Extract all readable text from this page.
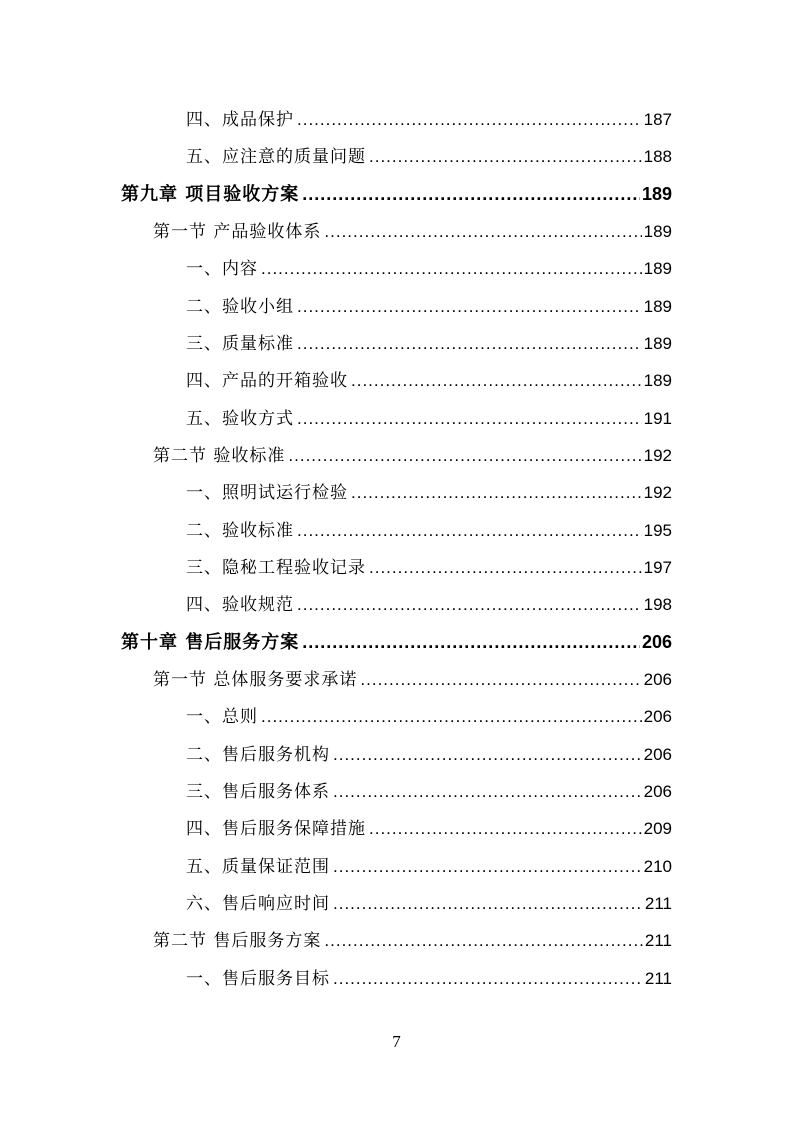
四、成品保护 .....	187
五、应注意的质量问题 .....	188
第九章 项目验收方案 .....	189
第一节 产品验收体系 .....	189
一、内容 .....	189
二、验收小组 .....	189
三、质量标准 .....	189
四、产品的开箱验收 .....	189
五、验收方式 .....	191
第二节 验收标准 .....	192
一、照明试运行检验 .....	192
二、验收标准 .....	195
三、隐秘工程验收记录 .....	197
四、验收规范 .....	198
第十章 售后服务方案 .....	206
第一节 总体服务要求承诺 .....	206
一、总则 .....	206
二、售后服务机构 .....	206
三、售后服务体系 .....	206
四、售后服务保障措施 .....	209
五、质量保证范围 .....	210
六、售后响应时间 .....	211
第二节 售后服务方案 .....	211
一、售后服务目标 .....	211
7
